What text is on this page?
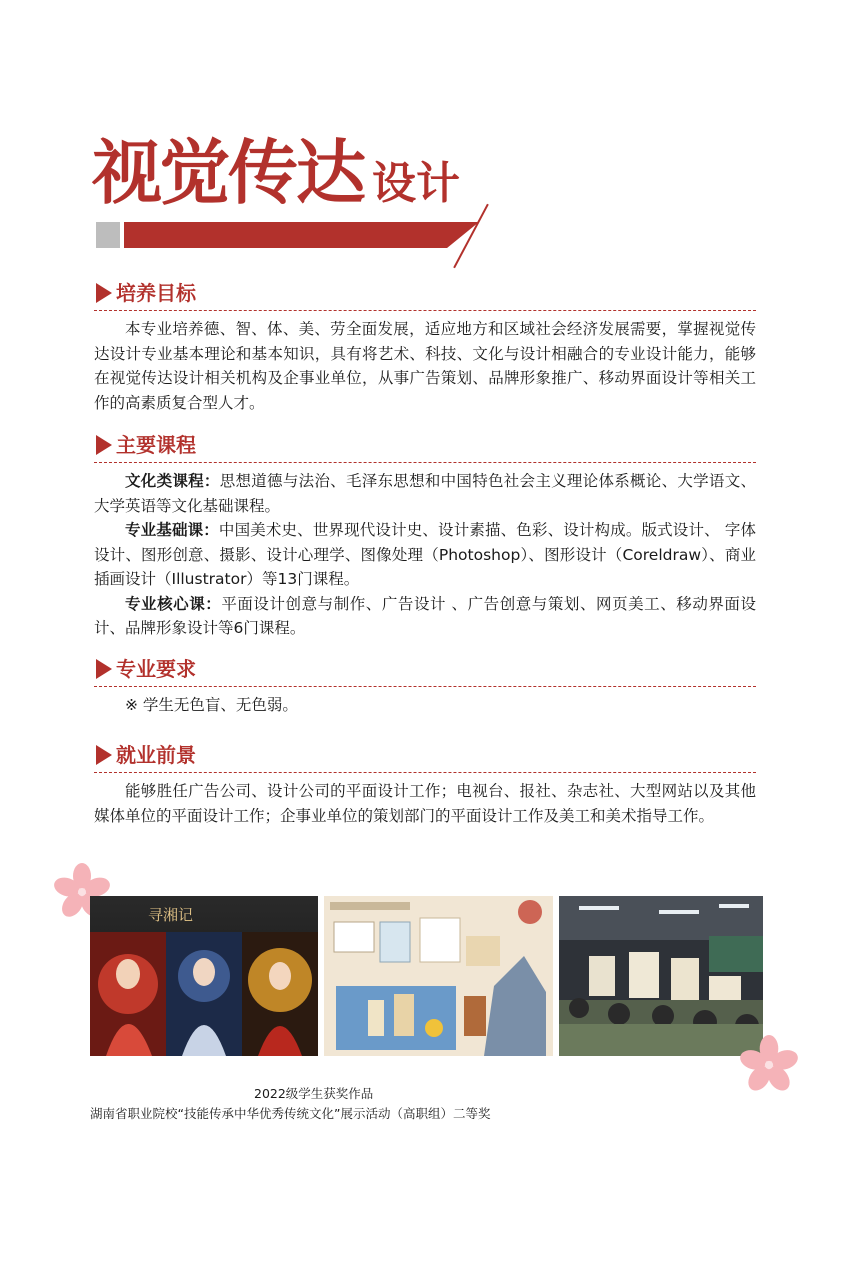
视觉传达 设计
培养目标
本专业培养德、智、体、美、劳全面发展，适应地方和区域社会经济发展需要，掌握视觉传达设计专业基本理论和基本知识，具有将艺术、科技、文化与设计相融合的专业设计能力，能够在视觉传达设计相关机构及企事业单位，从事广告策划、品牌形象推广、移动界面设计等相关工作的高素质复合型人才。
主要课程

文化类课程：思想道德与法治、毛泽东思想和中国特色社会主义理论体系概论、大学语文、大学英语等文化基础课程。

专业基础课：中国美术史、世界现代设计史、设计素描、色彩、设计构成。版式设计、 字体设计、图形创意、摄影、设计心理学、图像处理（Photoshop）、图形设计（Coreldraw）、商业插画设计（Illustrator）等13门课程。

专业核心课：平面设计创意与制作、广告设计 、广告创意与策划、网页美工、移动界面设计、品牌形象设计等6门课程。

专业要求
※ 学生无色盲、无色弱。
就业前景
能够胜任广告公司、设计公司的平面设计工作；电视台、报社、杂志社、大型网站以及其他媒体单位的平面设计工作；企事业单位的策划部门的平面设计工作及美工和美术指导工作。
寻湘记
2022级学生获奖作品
湖南省职业院校“技能传承中华优秀传统文化”展示活动（高职组）二等奖
